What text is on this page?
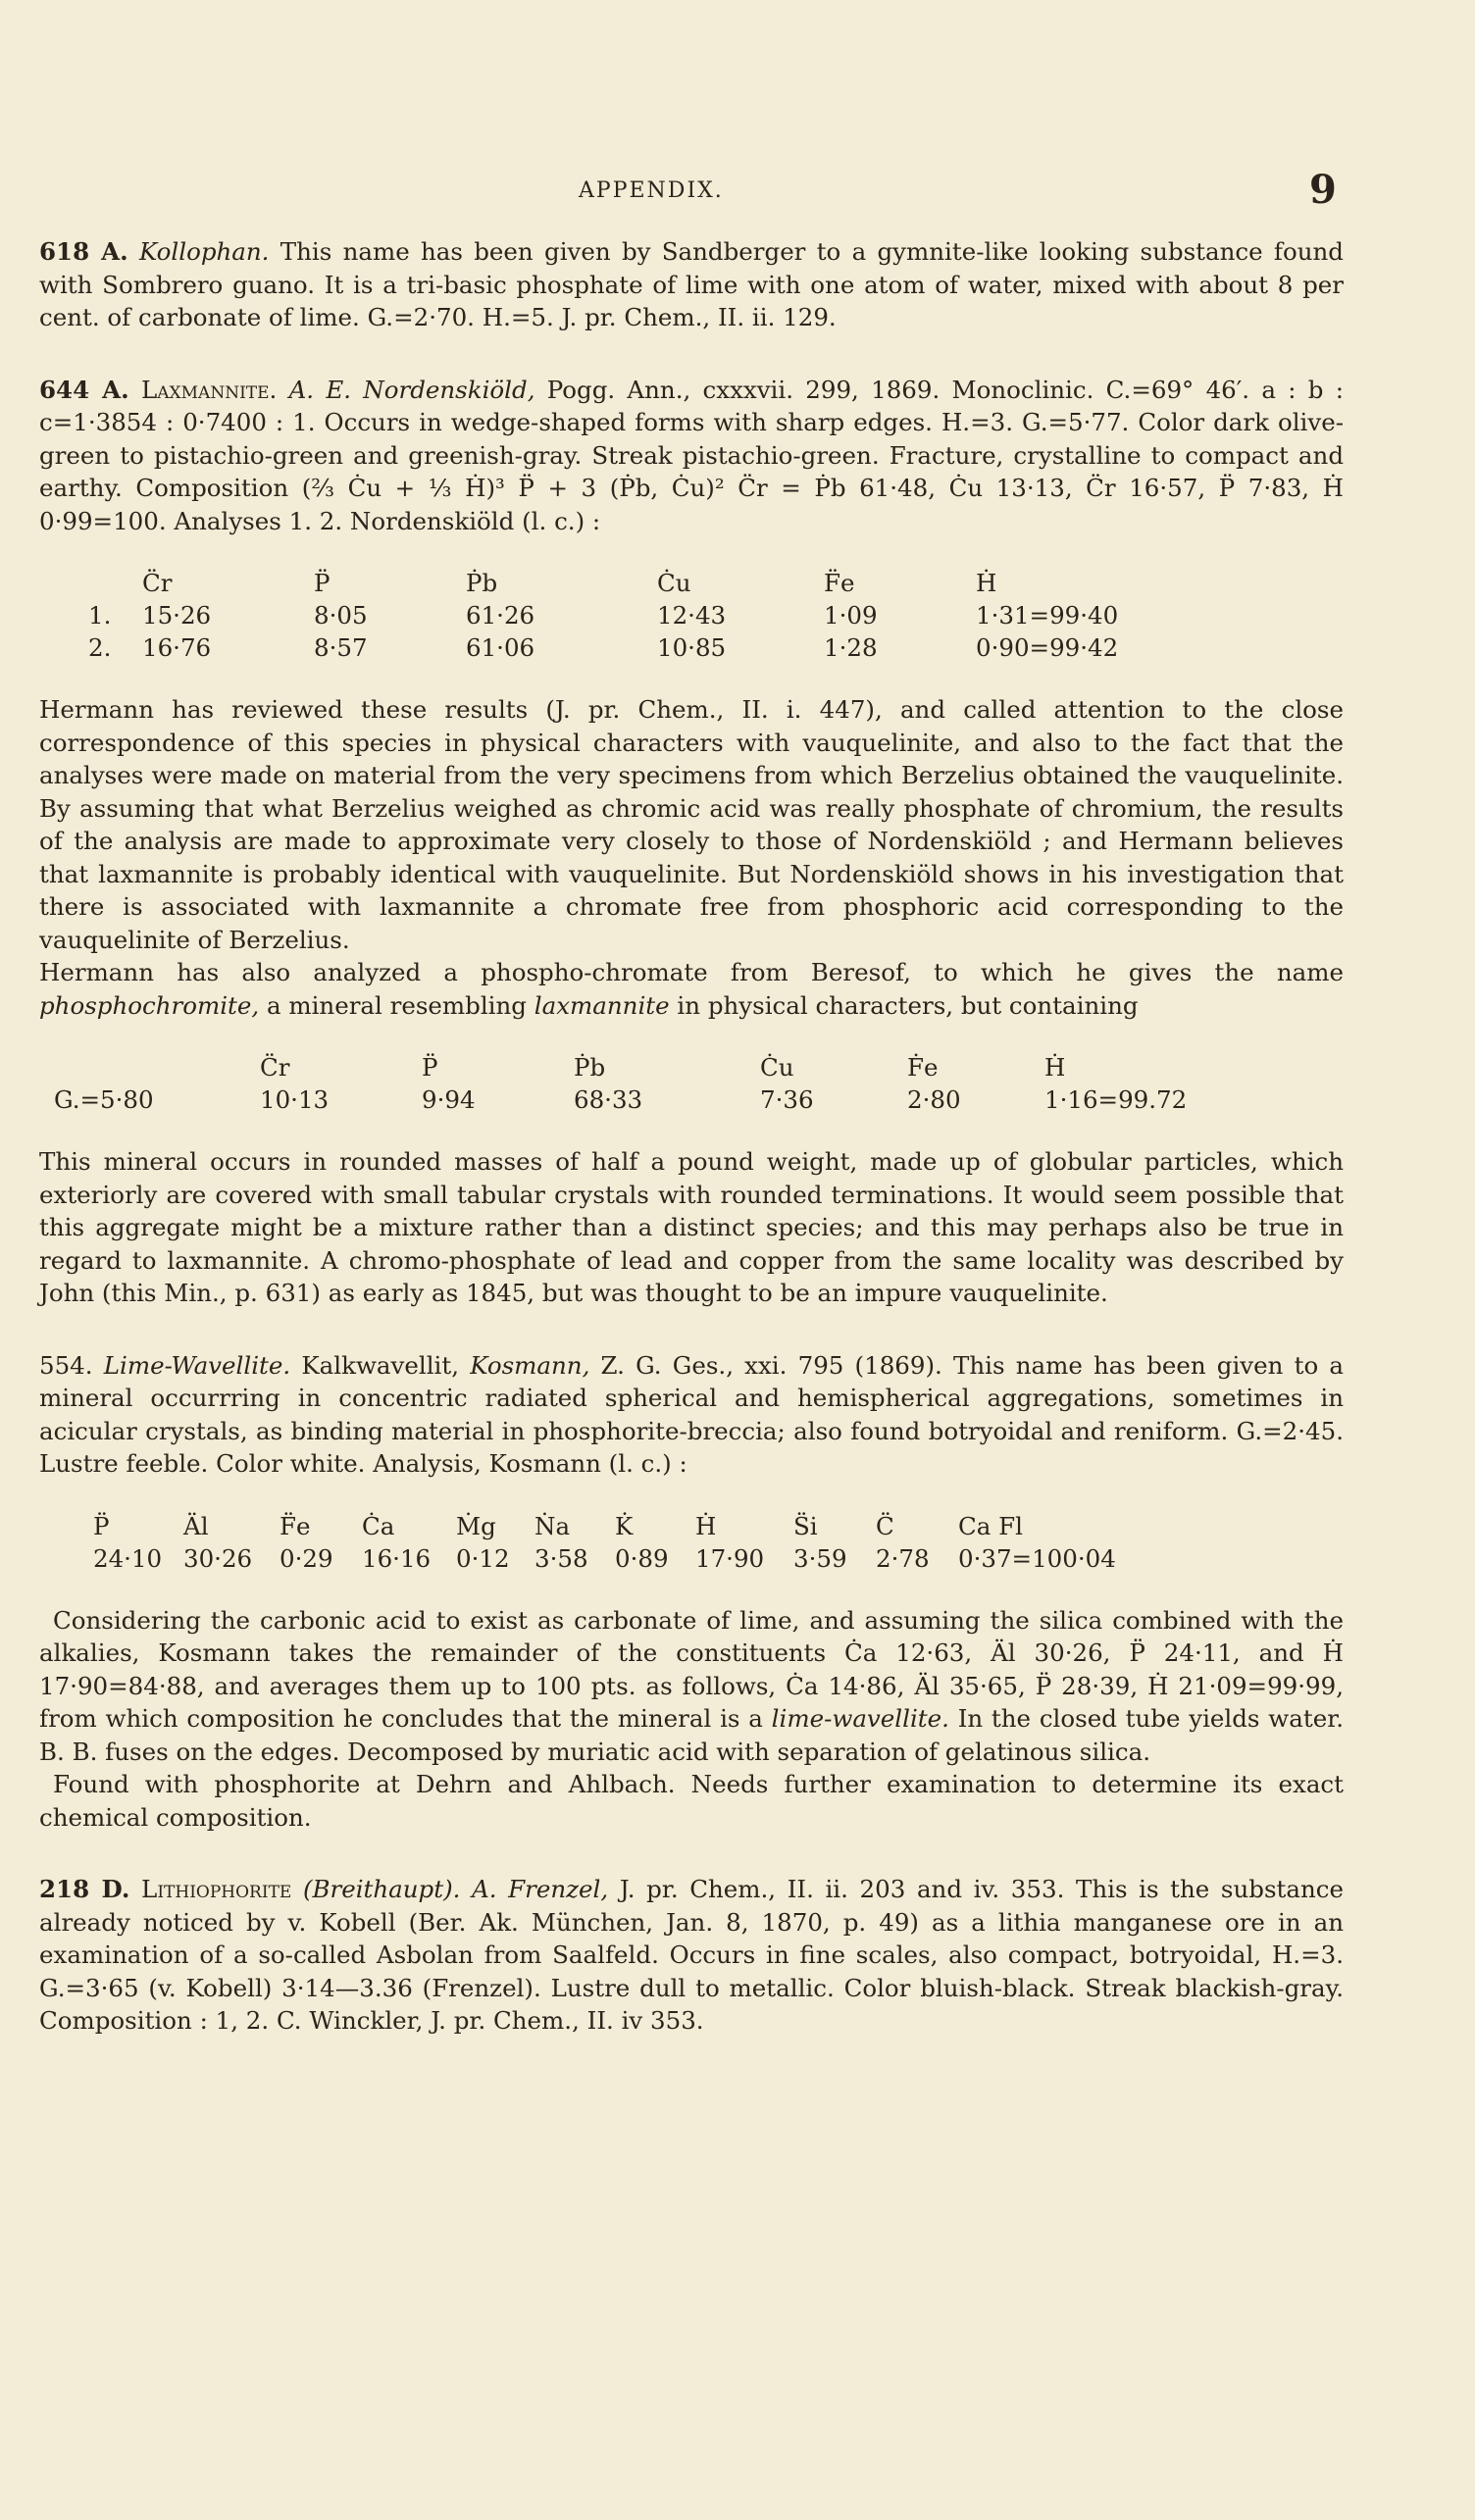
APPENDIX.	9

618 A. Kollophan. This name has been given by Sandberger to a gymnite-like looking substance found with Sombrero guano. It is a tri-basic phosphate of lime with one atom of water, mixed with about 8 per cent. of carbonate of lime. G.=2·70. H.=5. J. pr. Chem., II. ii. 129.

644 A. Laxmannite. A. E. Nordenskiöld, Pogg. Ann., cxxxvii. 299, 1869. Monoclinic. C.=69° 46′. a : b : c=1·3854 : 0·7400 : 1. Occurs in wedge-shaped forms with sharp edges. H.=3. G.=5·77. Color dark olive-green to pistachio-green and greenish-gray. Streak pistachio-green. Fracture, crystalline to compact and earthy. Composition (⅔ Ċu + ⅓ Ḣ)³ P̈ + 3 (Ṗb, Ċu)² C̈r = Ṗb 61·48, Ċu 13·13, C̈r 16·57, P̈ 7·83, Ḣ 0·99=100. Analyses 1. 2. Nordenskiöld (l. c.) :

	C̈r	P̈	Ṗb	Ċu	F̈e	Ḣ
1.	15·26	8·05	61·26	12·43	1·09	1·31=99·40
2.	16·76	8·57	61·06	10·85	1·28	0·90=99·42

Hermann has reviewed these results (J. pr. Chem., II. i. 447), and called attention to the close correspondence of this species in physical characters with vauquelinite, and also to the fact that the analyses were made on material from the very specimens from which Berzelius obtained the vauquelinite. By assuming that what Berzelius weighed as chromic acid was really phosphate of chromium, the results of the analysis are made to approximate very closely to those of Nordenskiöld ; and Hermann believes that laxmannite is probably identical with vauquelinite. But Nordenskiöld shows in his investigation that there is associated with laxmannite a chromate free from phosphoric acid corresponding to the vauquelinite of Berzelius.

Hermann has also analyzed a phospho-chromate from Beresof, to which he gives the name phosphochromite, a mineral resembling laxmannite in physical characters, but containing

	C̈r	P̈	Ṗb	Ċu	Ḟe	Ḣ
G.=5·80	10·13	9·94	68·33	7·36	2·80	1·16=99.72

This mineral occurs in rounded masses of half a pound weight, made up of globular particles, which exteriorly are covered with small tabular crystals with rounded terminations. It would seem possible that this aggregate might be a mixture rather than a distinct species; and this may perhaps also be true in regard to laxmannite. A chromo-phosphate of lead and copper from the same locality was described by John (this Min., p. 631) as early as 1845, but was thought to be an impure vauquelinite.

554. Lime-Wavellite. Kalkwavellit, Kosmann, Z. G. Ges., xxi. 795 (1869). This name has been given to a mineral occurrring in concentric radiated spherical and hemispherical aggregations, sometimes in acicular crystals, as binding material in phosphorite-breccia; also found botryoidal and reniform. G.=2·45. Lustre feeble. Color white. Analysis, Kosmann (l. c.) :

P̈	Äl	F̈e	Ċa	Ṁg	Ṅa	K̇	Ḣ	S̈i	C̈	Ca Fl
24·10	30·26	0·29	16·16	0·12	3·58	0·89	17·90	3·59	2·78	0·37=100·04

Considering the carbonic acid to exist as carbonate of lime, and assuming the silica combined with the alkalies, Kosmann takes the remainder of the constituents Ċa 12·63, Äl 30·26, P̈ 24·11, and Ḣ 17·90=84·88, and averages them up to 100 pts. as follows, Ċa 14·86, Äl 35·65, P̈ 28·39, Ḣ 21·09=99·99, from which composition he concludes that the mineral is a lime-wavellite. In the closed tube yields water. B. B. fuses on the edges. Decomposed by muriatic acid with separation of gelatinous silica.

Found with phosphorite at Dehrn and Ahlbach. Needs further examination to determine its exact chemical composition.

218 D. Lithiophorite (Breithaupt). A. Frenzel, J. pr. Chem., II. ii. 203 and iv. 353. This is the substance already noticed by v. Kobell (Ber. Ak. München, Jan. 8, 1870, p. 49) as a lithia manganese ore in an examination of a so-called Asbolan from Saalfeld. Occurs in fine scales, also compact, botryoidal, H.=3. G.=3·65 (v. Kobell) 3·14—3.36 (Frenzel). Lustre dull to metallic. Color bluish-black. Streak blackish-gray. Composition : 1, 2. C. Winckler, J. pr. Chem., II. iv 353.
